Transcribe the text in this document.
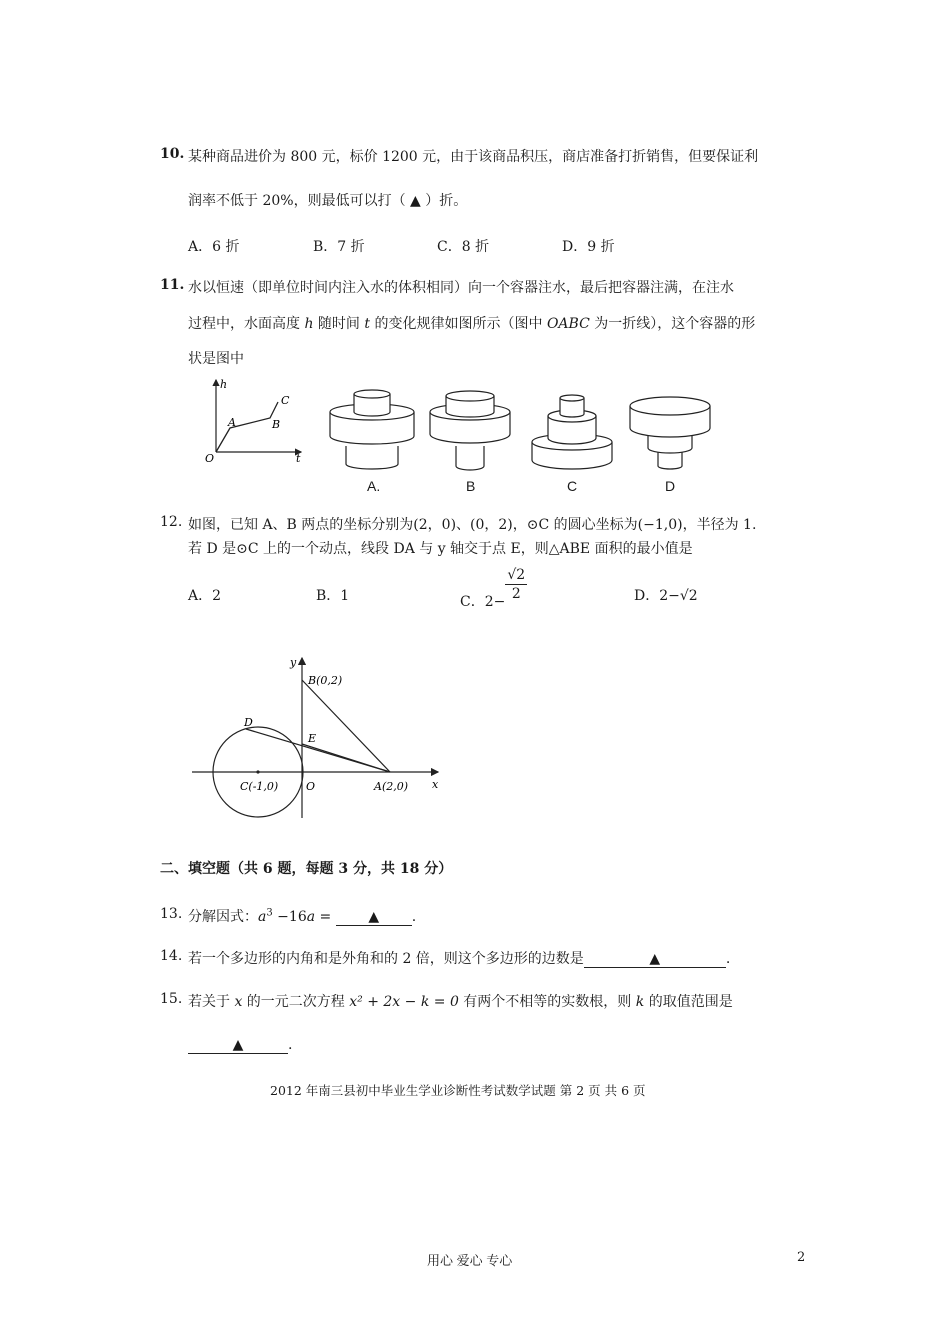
10. 某种商品进价为 800 元，标价 1200 元，由于该商品积压，商店准备打折销售，但要保证利
润率不低于 20%，则最低可以打（ ▲ ）折。
A．6 折	B．7 折	C．8 折	D．9 折
11. 水以恒速（即单位时间内注入水的体积相同）向一个容器注水，最后把容器注满，在注水
过程中，水面高度 h 随时间 t 的变化规律如图所示（图中 OABC 为一折线），这个容器的形
状是图中
h
t
O
A	B
C
A.	B	C	D
12. 如图，已知 A、B 两点的坐标分别为(2，0)、(0，2)，⊙C 的圆心坐标为(−1,0)，半径为 1.
若 D 是⊙C 上的一个动点，线段 DA 与 y 轴交于点 E，则△ABE 面积的最小值是
A．2	B．1	C．2−
$\frac{√2}{2}$	D．2−√2
y
x
B(0,2)
D
E
C(-1,0)	O	A(2,0)
二、填空题（共 6 题，每题 3 分，共 18 分）
13. 分解因式：$a^3 -16a$ = ▲ .
14. 若一个多边形的内角和是外角和的 2 倍，则这个多边形的边数是	▲	.
15. 若关于 x 的一元二次方程 x² + 2x − k = 0 有两个不相等的实数根，则 k 的取值范围是
▲	.
2012 年南三县初中毕业生学业诊断性考试数学试题 第 2 页 共 6 页
用心 爱心 专心	2
